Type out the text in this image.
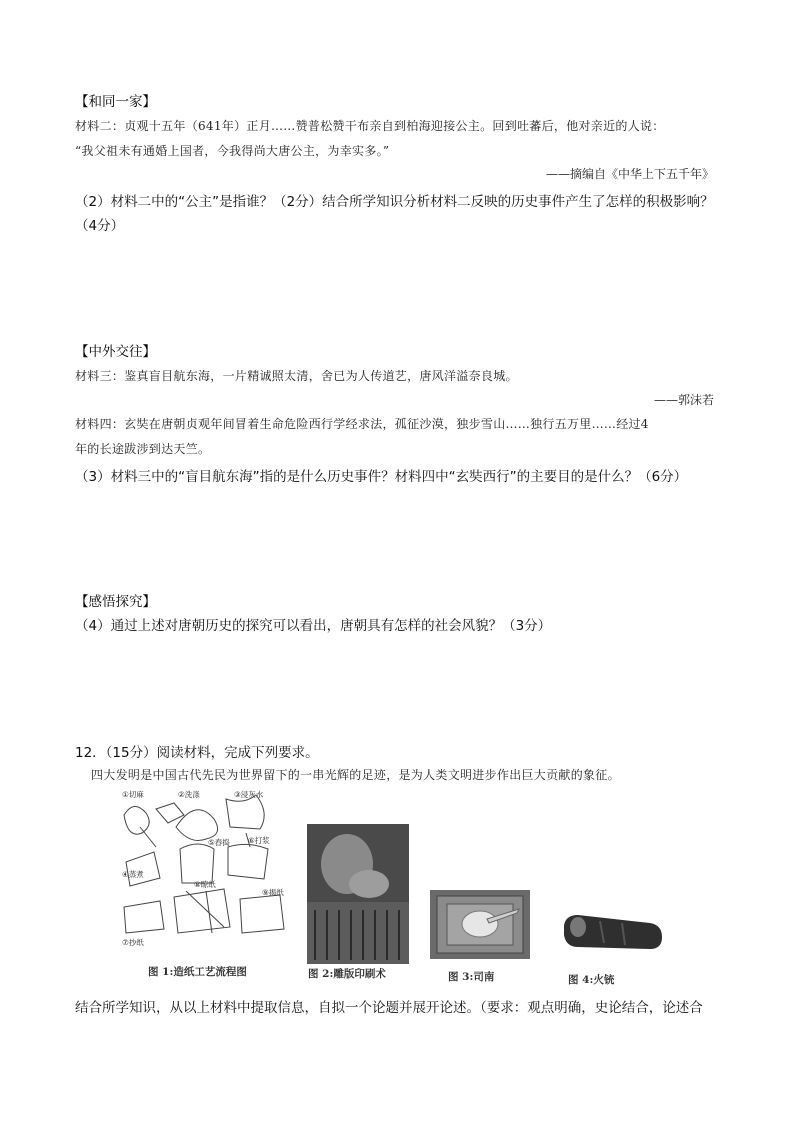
【和同一家】
材料二：贞观十五年（641年）正月……赞普松赞干布亲自到柏海迎接公主。回到吐蕃后，他对亲近的人说：
“我父祖未有通婚上国者，今我得尚大唐公主，为幸实多。”
——摘编自《中华上下五千年》
（2）材料二中的“公主”是指谁？（2分）结合所学知识分析材料二反映的历史事件产生了怎样的积极影响？
（4分）
【中外交往】
材料三：鉴真盲目航东海，一片精诚照太清，舍已为人传道艺，唐风洋溢奈良城。
——郭沫若
材料四：玄奘在唐朝贞观年间冒着生命危险西行学经求法，孤征沙漠，独步雪山……独行五万里……经过4
年的长途跋涉到达天竺。
（3）材料三中的“盲目航东海”指的是什么历史事件？材料四中“玄奘西行”的主要目的是什么？（6分）
【感悟探究】
（4）通过上述对唐朝历史的探究可以看出，唐朝具有怎样的社会风貌？（3分）
12．（15分）阅读材料，完成下列要求。
四大发明是中国古代先民为世界留下的一串光辉的足迹，是为人类文明进步作出巨大贡献的象征。
①切麻	②洗涤	③浸灰水
⑤舂捣 ⑥打浆
④蒸煮
⑧晾纸
⑦抄纸
⑨揭纸
图 1:造纸工艺流程图	图 2:雕版印刷术	图 3:司南	图 4:火铳
结合所学知识，从以上材料中提取信息，自拟一个论题并展开论述。（要求：观点明确，史论结合，论述合
